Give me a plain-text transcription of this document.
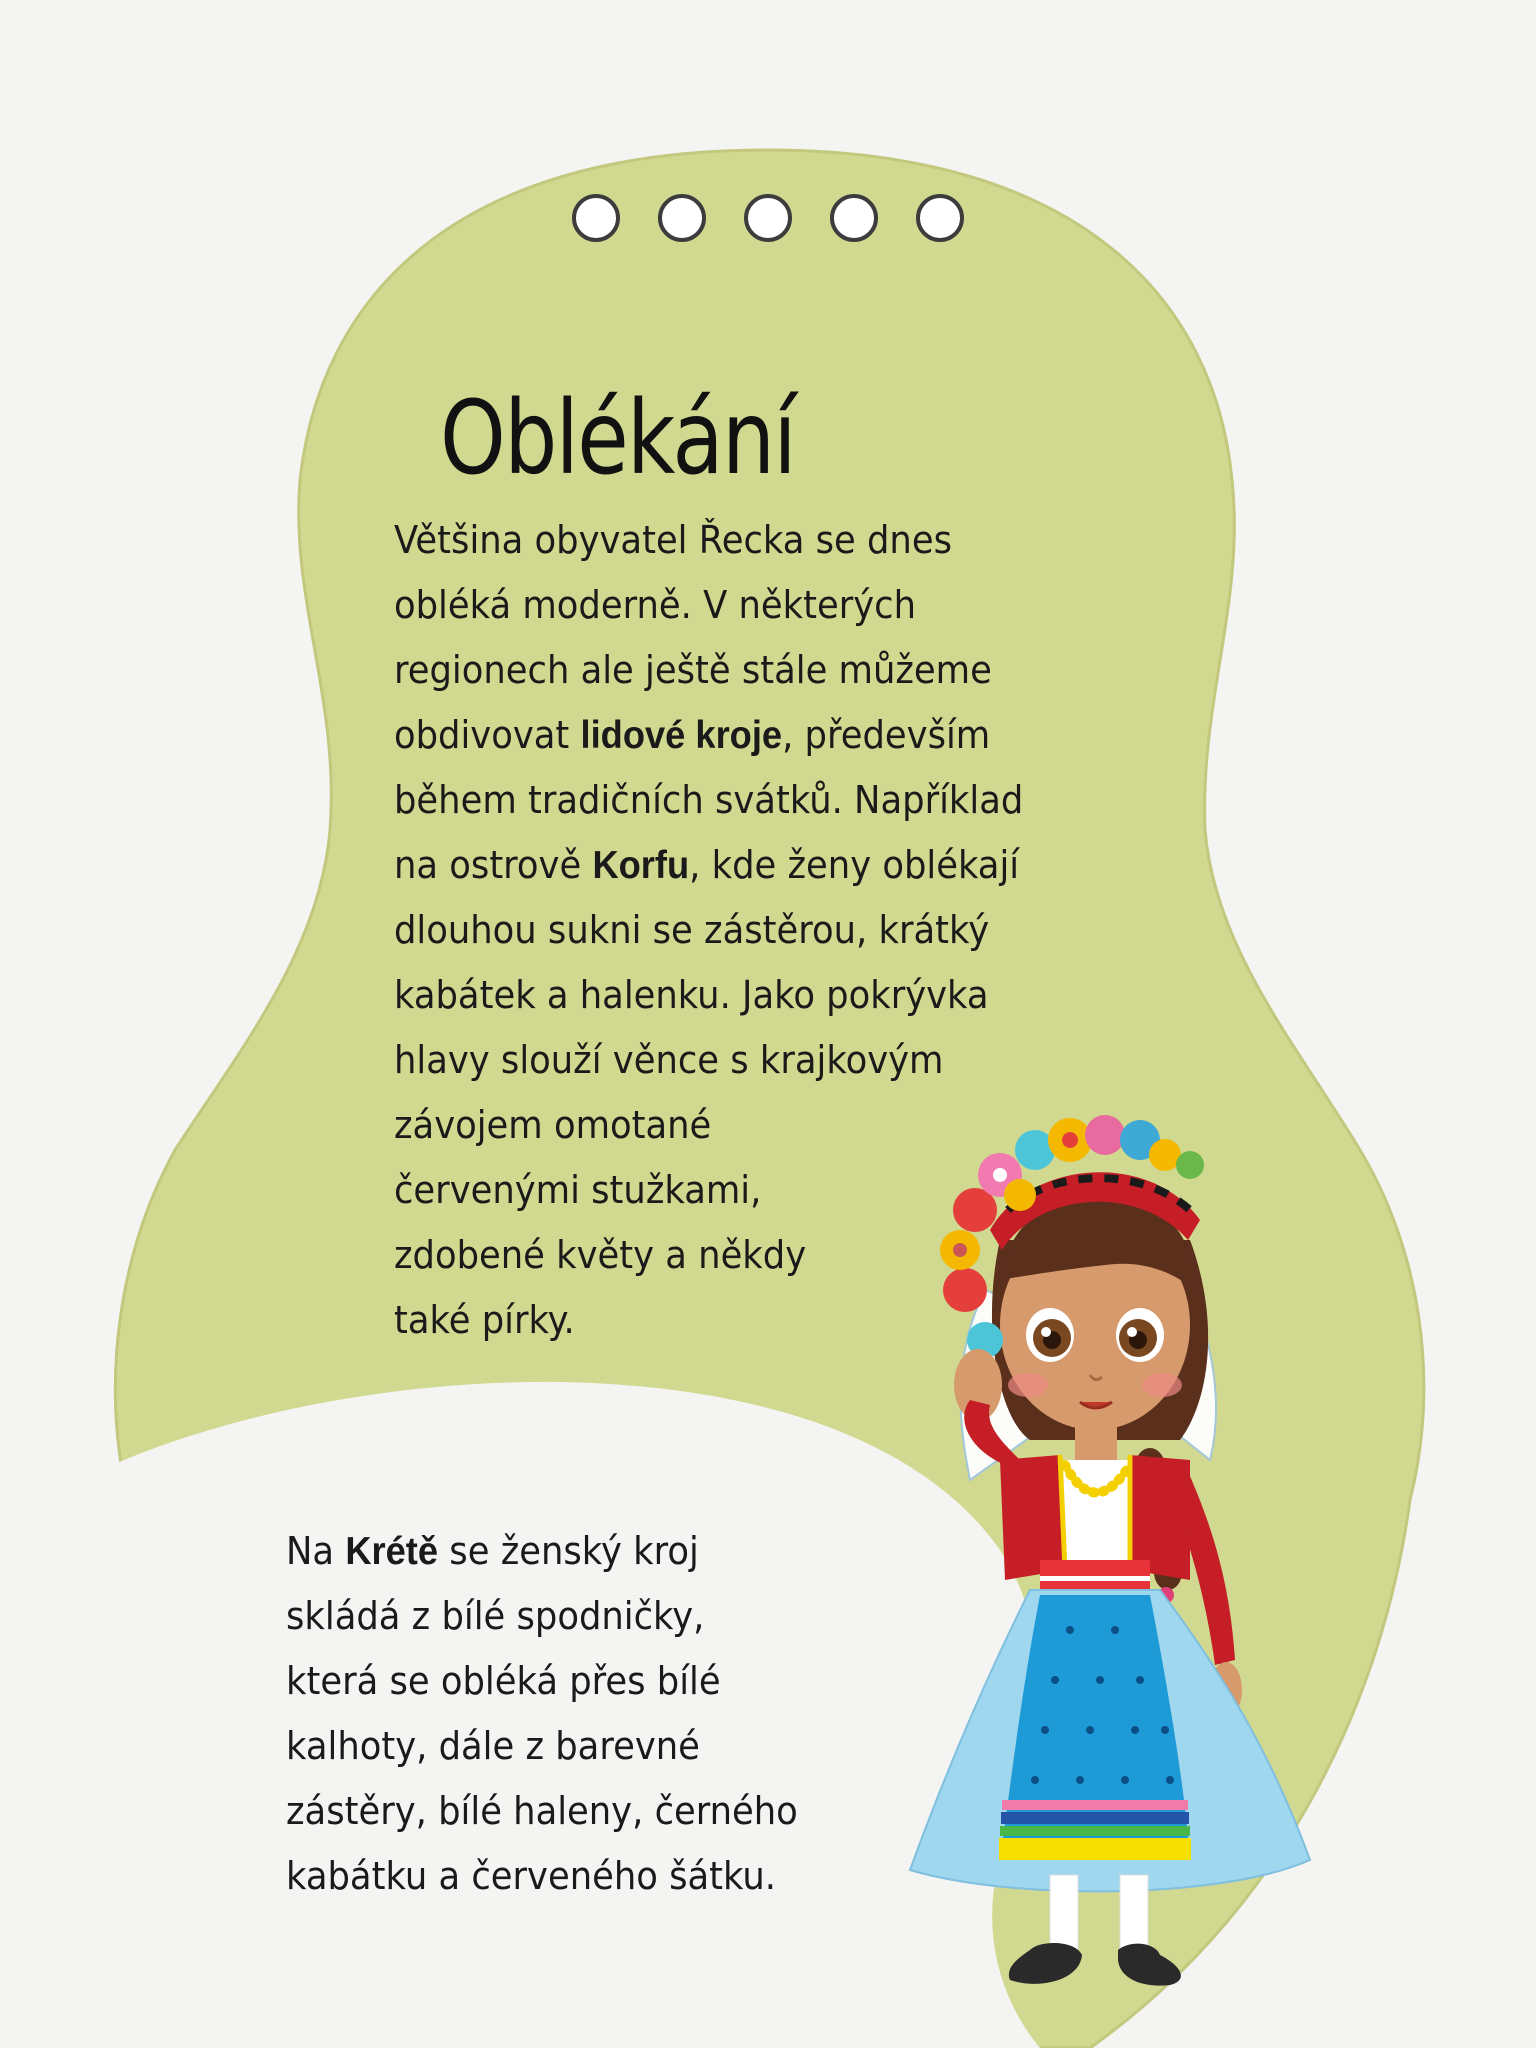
Oblékání

Většina obyvatel Řecka se dnes
obléká moderně. V některých
regionech ale ještě stále můžeme
obdivovat lidové kroje, především
během tradičních svátků. Například
na ostrově Korfu, kde ženy oblékají
dlouhou sukni se zástěrou, krátký
kabátek a halenku. Jako pokrývka
hlavy slouží věnce s krajkovým
závojem omotané
červenými stužkami,
zdobené květy a někdy
také pírky.

Na Krétě se ženský kroj
skládá z bílé spodničky,
která se obléká přes bílé
kalhoty, dále z barevné
zástěry, bílé haleny, černého
kabátku a červeného šátku.
